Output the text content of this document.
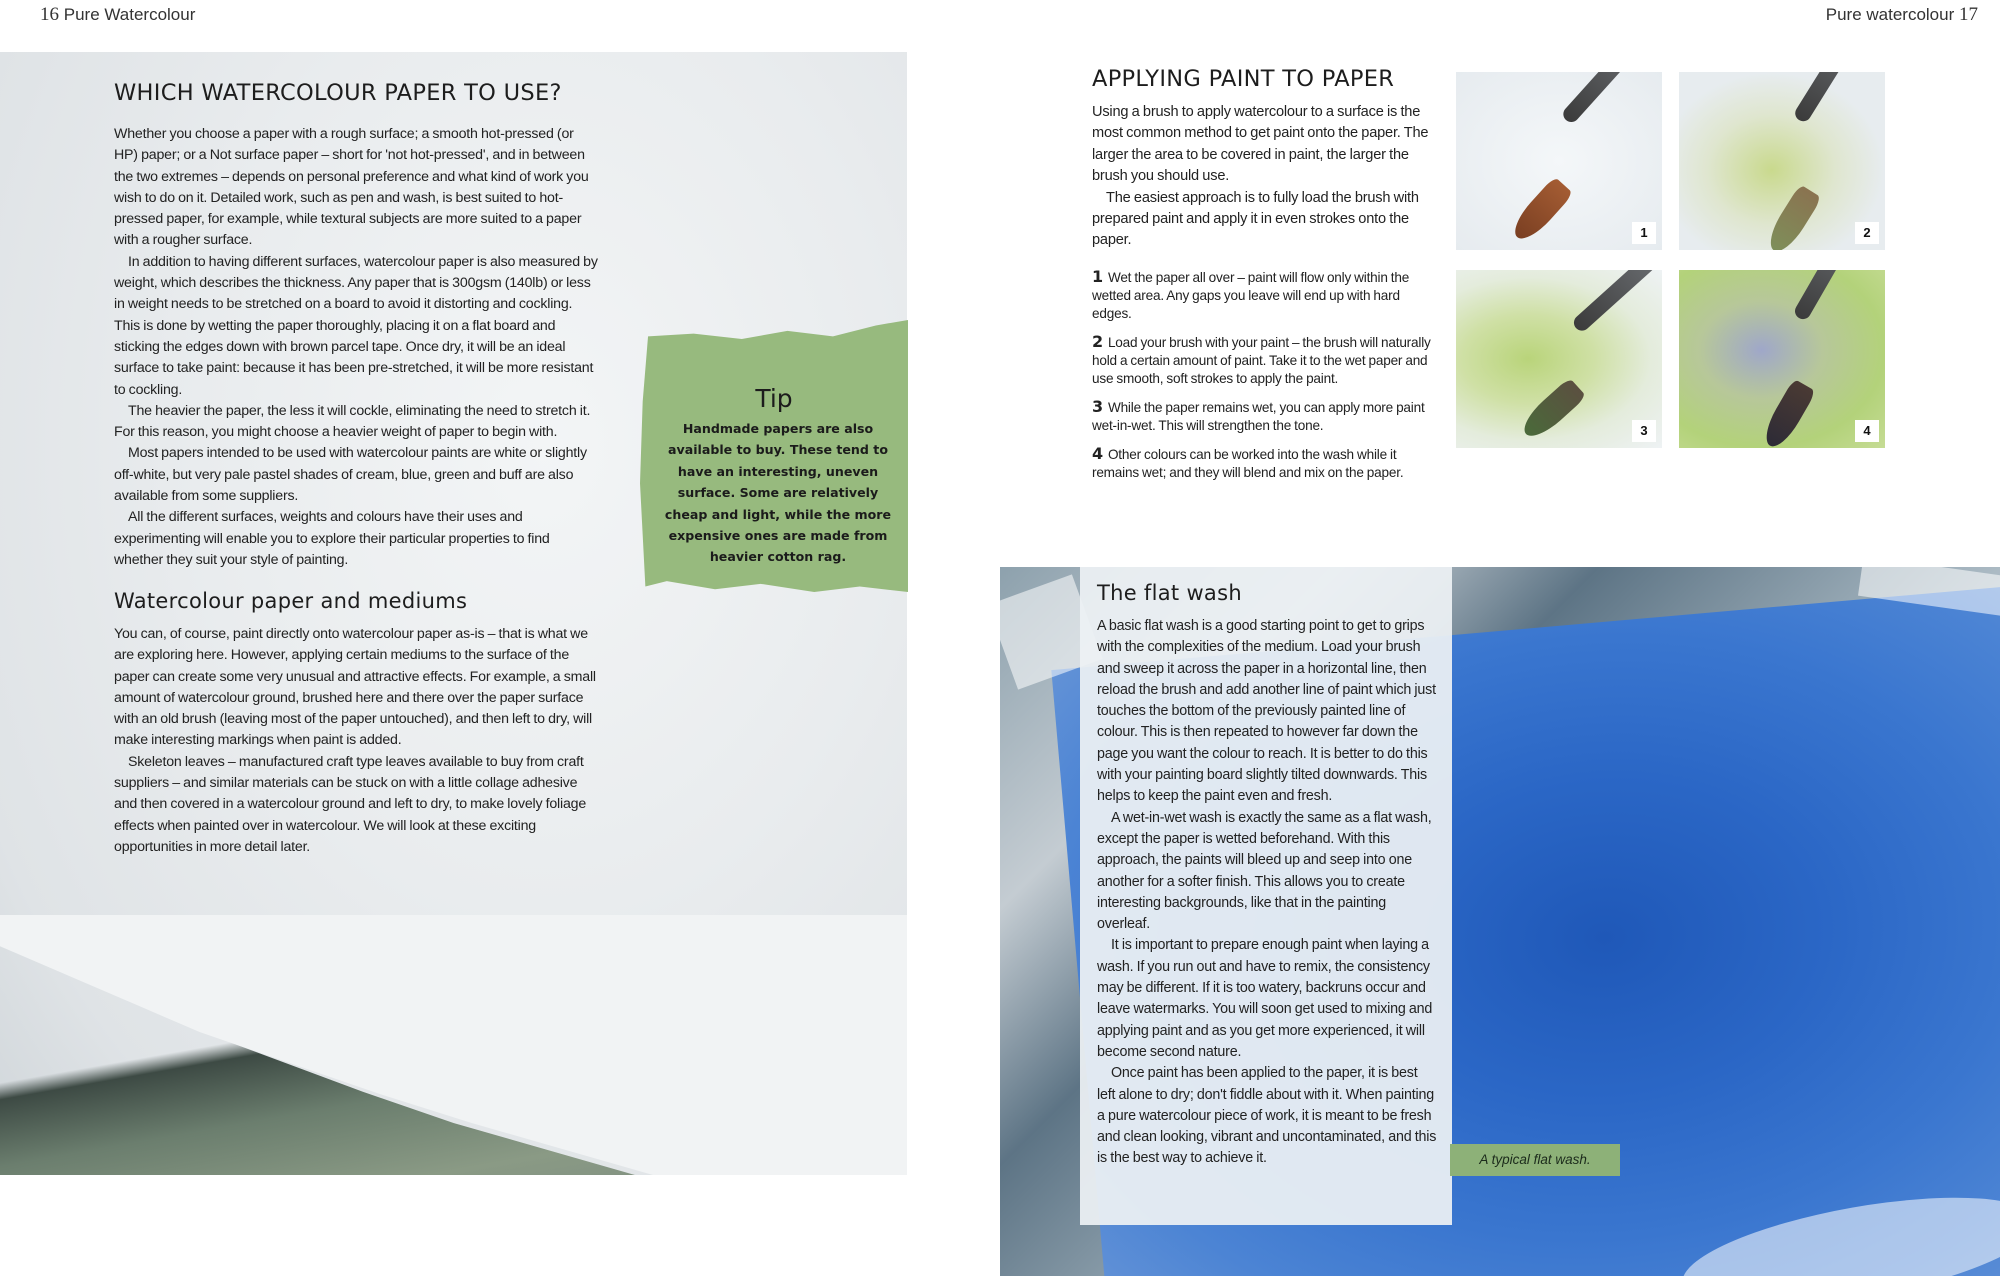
16 Pure Watercolour	Pure watercolour 17
WHICH WATERCOLOUR PAPER TO USE?

Whether you choose a paper with a rough surface; a smooth hot-pressed (or HP) paper; or a Not surface paper – short for 'not hot-pressed', and in between the two extremes – depends on personal preference and what kind of work you wish to do on it. Detailed work, such as pen and wash, is best suited to hot-pressed paper, for example, while textural subjects are more suited to a paper with a rougher surface.

In addition to having different surfaces, watercolour paper is also measured by weight, which describes the thickness. Any paper that is 300gsm (140lb) or less in weight needs to be stretched on a board to avoid it distorting and cockling. This is done by wetting the paper thoroughly, placing it on a flat board and sticking the edges down with brown parcel tape. Once dry, it will be an ideal surface to take paint: because it has been pre-stretched, it will be more resistant to cockling.

The heavier the paper, the less it will cockle, eliminating the need to stretch it. For this reason, you might choose a heavier weight of paper to begin with.

Most papers intended to be used with watercolour paints are white or slightly off-white, but very pale pastel shades of cream, blue, green and buff are also available from some suppliers.

All the different surfaces, weights and colours have their uses and experimenting will enable you to explore their particular properties to find whether they suit your style of painting.

Watercolour paper and mediums

You can, of course, paint directly onto watercolour paper as-is – that is what we are exploring here. However, applying certain mediums to the surface of the paper can create some very unusual and attractive effects. For example, a small amount of watercolour ground, brushed here and there over the paper surface with an old brush (leaving most of the paper untouched), and then left to dry, will make interesting markings when paint is added.

Skeleton leaves – manufactured craft type leaves available to buy from craft suppliers – and similar materials can be stuck on with a little collage adhesive and then covered in a watercolour ground and left to dry, to make lovely foliage effects when painted over in watercolour. We will look at these exciting opportunities in more detail later.

Tip
Handmade papers are also available to buy. These tend to have an interesting, uneven surface. Some are relatively cheap and light, while the more expensive ones are made from heavier cotton rag.
APPLYING PAINT TO PAPER

Using a brush to apply watercolour to a surface is the most common method to get paint onto the paper. The larger the area to be covered in paint, the larger the brush you should use.

The easiest approach is to fully load the brush with prepared paint and apply it in even strokes onto the paper.

1 Wet the paper all over – paint will flow only within the wetted area. Any gaps you leave will end up with hard edges.
2 Load your brush with your paint – the brush will naturally hold a certain amount of paint. Take it to the wet paper and use smooth, soft strokes to apply the paint.
3 While the paper remains wet, you can apply more paint wet-in-wet. This will strengthen the tone.
4 Other colours can be worked into the wash while it remains wet; and they will blend and mix on the paper.
1	2
3	4
The flat wash

A basic flat wash is a good starting point to get to grips with the complexities of the medium. Load your brush and sweep it across the paper in a horizontal line, then reload the brush and add another line of paint which just touches the bottom of the previously painted line of colour. This is then repeated to however far down the page you want the colour to reach. It is better to do this with your painting board slightly tilted downwards. This helps to keep the paint even and fresh.

A wet-in-wet wash is exactly the same as a flat wash, except the paper is wetted beforehand. With this approach, the paints will bleed up and seep into one another for a softer finish. This allows you to create interesting backgrounds, like that in the painting overleaf.

It is important to prepare enough paint when laying a wash. If you run out and have to remix, the consistency may be different. If it is too watery, backruns occur and leave watermarks. You will soon get used to mixing and applying paint and as you get more experienced, it will become second nature.

Once paint has been applied to the paper, it is best left alone to dry; don't fiddle about with it. When painting a pure watercolour piece of work, it is meant to be fresh and clean looking, vibrant and uncontaminated, and this is the best way to achieve it.	A typical flat wash.
